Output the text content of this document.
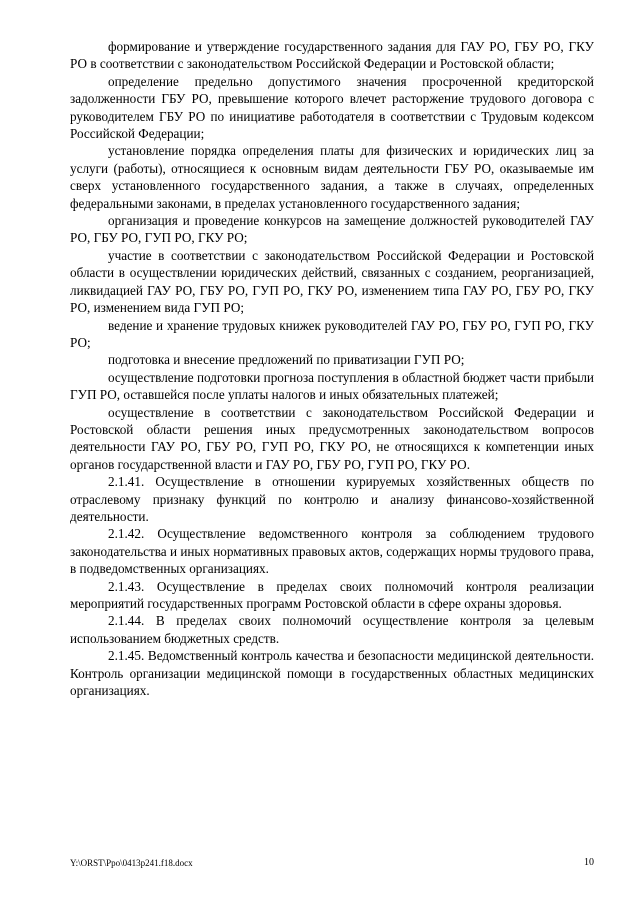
формирование и утверждение государственного задания для ГАУ РО, ГБУ РО, ГКУ РО в соответствии с законодательством Российской Федерации и Ростовской области;

определение предельно допустимого значения просроченной кредиторской задолженности ГБУ РО, превышение которого влечет расторжение трудового договора с руководителем ГБУ РО по инициативе работодателя в соответствии с Трудовым кодексом Российской Федерации;

установление порядка определения платы для физических и юридических лиц за услуги (работы), относящиеся к основным видам деятельности ГБУ РО, оказываемые им сверх установленного государственного задания, а также в случаях, определенных федеральными законами, в пределах установленного государственного задания;

организация и проведение конкурсов на замещение должностей руководителей ГАУ РО, ГБУ РО, ГУП РО, ГКУ РО;

участие в соответствии с законодательством Российской Федерации и Ростовской области в осуществлении юридических действий, связанных с созданием, реорганизацией, ликвидацией ГАУ РО, ГБУ РО, ГУП РО, ГКУ РО, изменением типа ГАУ РО, ГБУ РО, ГКУ РО, изменением вида ГУП РО;

ведение и хранение трудовых книжек руководителей ГАУ РО, ГБУ РО, ГУП РО, ГКУ РО;

подготовка и внесение предложений по приватизации ГУП РО;

осуществление подготовки прогноза поступления в областной бюджет части прибыли ГУП РО, оставшейся после уплаты налогов и иных обязательных платежей;

осуществление в соответствии с законодательством Российской Федерации и Ростовской области решения иных предусмотренных законодательством вопросов деятельности ГАУ РО, ГБУ РО, ГУП РО, ГКУ РО, не относящихся к компетенции иных органов государственной власти и ГАУ РО, ГБУ РО, ГУП РО, ГКУ РО.

2.1.41. Осуществление в отношении курируемых хозяйственных обществ по отраслевому признаку функций по контролю и анализу финансово-хозяйственной деятельности.

2.1.42. Осуществление ведомственного контроля за соблюдением трудового законодательства и иных нормативных правовых актов, содержащих нормы трудового права, в подведомственных организациях.

2.1.43. Осуществление в пределах своих полномочий контроля реализации мероприятий государственных программ Ростовской области в сфере охраны здоровья.

2.1.44. В пределах своих полномочий осуществление контроля за целевым использованием бюджетных средств.

2.1.45. Ведомственный контроль качества и безопасности медицинской деятельности. Контроль организации медицинской помощи в государственных областных медицинских организациях.

Y:\ORST\Ppo\0413p241.f18.docx	10
